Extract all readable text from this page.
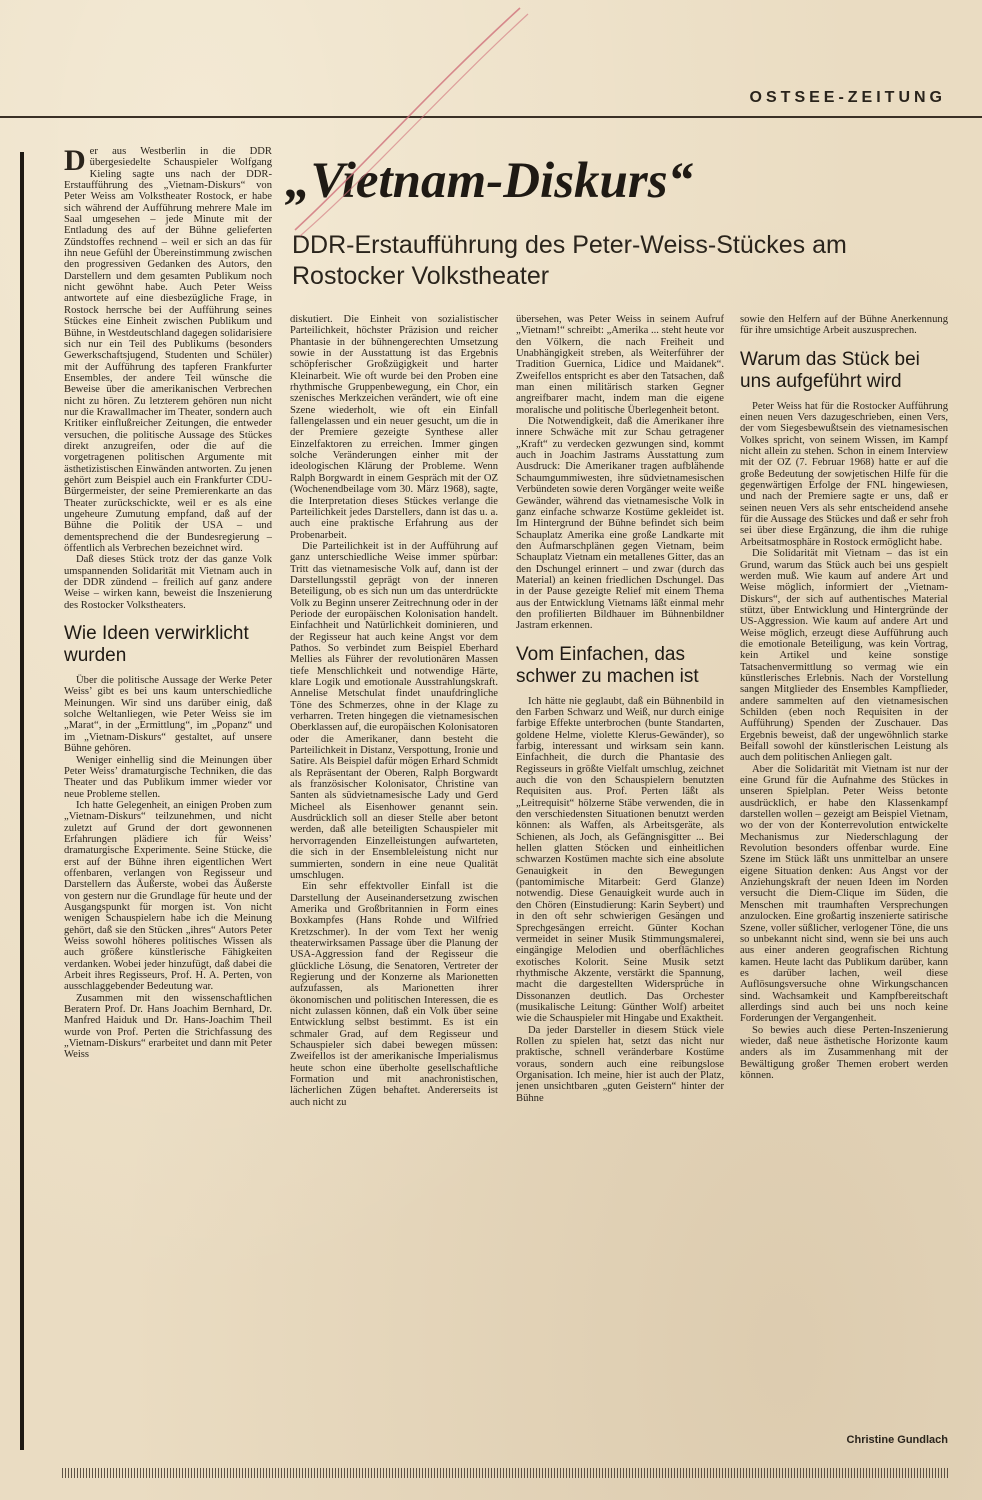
OSTSEE-ZEITUNG
„Vietnam-Diskurs“
DDR-Erstaufführung des Peter-Weiss-Stückes am Rostocker Volkstheater

Der aus Westberlin in die DDR übergesiedelte Schauspieler Wolfgang Kieling sagte uns nach der DDR-Erstaufführung des „Vietnam-Diskurs“ von Peter Weiss am Volkstheater Rostock, er habe sich während der Aufführung mehrere Male im Saal umgesehen – jede Minute mit der Entladung des auf der Bühne gelieferten Zündstoffes rechnend – weil er sich an das für ihn neue Gefühl der Übereinstimmung zwischen den progressiven Gedanken des Autors, den Darstellern und dem gesamten Publikum noch nicht gewöhnt habe. Auch Peter Weiss antwortete auf eine diesbezügliche Frage, in Rostock herrsche bei der Aufführung seines Stückes eine Einheit zwischen Publikum und Bühne, in Westdeutschland dagegen solidarisiere sich nur ein Teil des Publikums (besonders Gewerkschaftsjugend, Studenten und Schüler) mit der Aufführung des tapferen Frankfurter Ensembles, der andere Teil wünsche die Beweise über die amerikanischen Verbrechen nicht zu hören. Zu letzterem gehören nun nicht nur die Krawallmacher im Theater, sondern auch Kritiker einflußreicher Zeitungen, die entweder versuchen, die politische Aussage des Stückes direkt anzugreifen, oder die auf die vorgetragenen politischen Argumente mit ästhetizistischen Einwänden antworten. Zu jenen gehört zum Beispiel auch ein Frankfurter CDU-Bürgermeister, der seine Premierenkarte an das Theater zurückschickte, weil er es als eine ungeheure Zumutung empfand, daß auf der Bühne die Politik der USA – und dementsprechend die der Bundesregierung – öffentlich als Verbrechen bezeichnet wird.

Daß dieses Stück trotz der das ganze Volk umspannenden Solidarität mit Vietnam auch in der DDR zündend – freilich auf ganz andere Weise – wirken kann, beweist die Inszenierung des Rostocker Volkstheaters.

Wie Ideen verwirklicht wurden

Über die politische Aussage der Werke Peter Weiss’ gibt es bei uns kaum unterschiedliche Meinungen. Wir sind uns darüber einig, daß solche Weltanliegen, wie Peter Weiss sie im „Marat“, in der „Ermittlung“, im „Popanz“ und im „Vietnam-Diskurs“ gestaltet, auf unsere Bühne gehören.

Weniger einhellig sind die Meinungen über Peter Weiss’ dramaturgische Techniken, die das Theater und das Publikum immer wieder vor neue Probleme stellen.

Ich hatte Gelegenheit, an einigen Proben zum „Vietnam-Diskurs“ teilzunehmen, und nicht zuletzt auf Grund der dort gewonnenen Erfahrungen plädiere ich für Weiss’ dramaturgische Experimente. Seine Stücke, die erst auf der Bühne ihren eigentlichen Wert offenbaren, verlangen von Regisseur und Darstellern das Äußerste, wobei das Äußerste von gestern nur die Grundlage für heute und der Ausgangspunkt für morgen ist. Von nicht wenigen Schauspielern habe ich die Meinung gehört, daß sie den Stücken „ihres“ Autors Peter Weiss sowohl höheres politisches Wissen als auch größere künstlerische Fähigkeiten verdanken. Wobei jeder hinzufügt, daß dabei die Arbeit ihres Regisseurs, Prof. H. A. Perten, von ausschlaggebender Bedeutung war.

Zusammen mit den wissenschaftlichen Beratern Prof. Dr. Hans Joachim Bernhard, Dr. Manfred Haiduk und Dr. Hans-Joachim Theil wurde von Prof. Perten die Strichfassung des „Vietnam-Diskurs“ erarbeitet und dann mit Peter Weiss

diskutiert. Die Einheit von sozialistischer Parteilichkeit, höchster Präzision und reicher Phantasie in der bühnengerechten Umsetzung sowie in der Ausstattung ist das Ergebnis schöpferischer Großzügigkeit und harter Kleinarbeit. Wie oft wurde bei den Proben eine rhythmische Gruppenbewegung, ein Chor, ein szenisches Merkzeichen verändert, wie oft eine Szene wiederholt, wie oft ein Einfall fallengelassen und ein neuer gesucht, um die in der Premiere gezeigte Synthese aller Einzelfaktoren zu erreichen. Immer gingen solche Veränderungen einher mit der ideologischen Klärung der Probleme. Wenn Ralph Borgwardt in einem Gespräch mit der OZ (Wochenendbeilage vom 30. März 1968), sagte, die Interpretation dieses Stückes verlange die Parteilichkeit jedes Darstellers, dann ist das u. a. auch eine praktische Erfahrung aus der Probenarbeit.

Die Parteilichkeit ist in der Aufführung auf ganz unterschiedliche Weise immer spürbar: Tritt das vietnamesische Volk auf, dann ist der Darstellungsstil geprägt von der inneren Beteiligung, ob es sich nun um das unterdrückte Volk zu Beginn unserer Zeitrechnung oder in der Periode der europäischen Kolonisation handelt. Einfachheit und Natürlichkeit dominieren, und der Regisseur hat auch keine Angst vor dem Pathos. So verbindet zum Beispiel Eberhard Mellies als Führer der revolutionären Massen tiefe Menschlichkeit und notwendige Härte, klare Logik und emotionale Ausstrahlungskraft. Annelise Metschulat findet unaufdringliche Töne des Schmerzes, ohne in der Klage zu verharren. Treten hingegen die vietnamesischen Oberklassen auf, die europäischen Kolonisatoren oder die Amerikaner, dann besteht die Parteilichkeit in Distanz, Verspottung, Ironie und Satire. Als Beispiel dafür mögen Erhard Schmidt als Repräsentant der Oberen, Ralph Borgwardt als französischer Kolonisator, Christine van Santen als südvietnamesische Lady und Gerd Micheel als Eisenhower genannt sein. Ausdrücklich soll an dieser Stelle aber betont werden, daß alle beteiligten Schauspieler mit hervorragenden Einzelleistungen aufwarteten, die sich in der Ensembleleistung nicht nur summierten, sondern in eine neue Qualität umschlugen.

Ein sehr effektvoller Einfall ist die Darstellung der Auseinandersetzung zwischen Amerika und Großbritannien in Form eines Boxkampfes (Hans Rohde und Wilfried Kretzschmer). In der vom Text her wenig theaterwirksamen Passage über die Planung der USA-Aggression fand der Regisseur die glückliche Lösung, die Senatoren, Vertreter der Regierung und der Konzerne als Marionetten aufzufassen, als Marionetten ihrer ökonomischen und politischen Interessen, die es nicht zulassen können, daß ein Volk über seine Entwicklung selbst bestimmt. Es ist ein schmaler Grad, auf dem Regisseur und Schauspieler sich dabei bewegen müssen: Zweifellos ist der amerikanische Imperialismus heute schon eine überholte gesellschaftliche Formation und mit anachronistischen, lächerlichen Zügen behaftet. Andererseits ist auch nicht zu

übersehen, was Peter Weiss in seinem Aufruf „Vietnam!“ schreibt: „Amerika ... steht heute vor den Völkern, die nach Freiheit und Unabhängigkeit streben, als Weiterführer der Tradition Guernica, Lidice und Maidanek“. Zweifellos entspricht es aber den Tatsachen, daß man einen militärisch starken Gegner angreifbarer macht, indem man die eigene moralische und politische Überlegenheit betont.

Die Notwendigkeit, daß die Amerikaner ihre innere Schwäche mit zur Schau getragener „Kraft“ zu verdecken gezwungen sind, kommt auch in Joachim Jastrams Ausstattung zum Ausdruck: Die Amerikaner tragen aufblähende Schaumgummiwesten, ihre südvietnamesischen Verbündeten sowie deren Vorgänger weite weiße Gewänder, während das vietnamesische Volk in ganz einfache schwarze Kostüme gekleidet ist. Im Hintergrund der Bühne befindet sich beim Schauplatz Amerika eine große Landkarte mit den Aufmarschplänen gegen Vietnam, beim Schauplatz Vietnam ein metallenes Gitter, das an den Dschungel erinnert – und zwar (durch das Material) an keinen friedlichen Dschungel. Das in der Pause gezeigte Relief mit einem Thema aus der Entwicklung Vietnams läßt einmal mehr den profilierten Bildhauer im Bühnenbildner Jastram erkennen.

Vom Einfachen, das schwer zu machen ist

Ich hätte nie geglaubt, daß ein Bühnenbild in den Farben Schwarz und Weiß, nur durch einige farbige Effekte unterbrochen (bunte Standarten, goldene Helme, violette Klerus-Gewänder), so farbig, interessant und wirksam sein kann. Einfachheit, die durch die Phantasie des Regisseurs in größte Vielfalt umschlug, zeichnet auch die von den Schauspielern benutzten Requisiten aus. Prof. Perten läßt als „Leitrequisit“ hölzerne Stäbe verwenden, die in den verschiedensten Situationen benutzt werden können: als Waffen, als Arbeitsgeräte, als Schienen, als Joch, als Gefängnisgitter ... Bei hellen glatten Stöcken und einheitlichen schwarzen Kostümen machte sich eine absolute Genauigkeit in den Bewegungen (pantomimische Mitarbeit: Gerd Glanze) notwendig. Diese Genauigkeit wurde auch in den Chören (Einstudierung: Karin Seybert) und in den oft sehr schwierigen Gesängen und Sprechgesängen erreicht. Günter Kochan vermeidet in seiner Musik Stimmungsmalerei, eingängige Melodien und oberflächliches exotisches Kolorit. Seine Musik setzt rhythmische Akzente, verstärkt die Spannung, macht die dargestellten Widersprüche in Dissonanzen deutlich. Das Orchester (musikalische Leitung: Günther Wolf) arbeitet wie die Schauspieler mit Hingabe und Exaktheit.

Da jeder Darsteller in diesem Stück viele Rollen zu spielen hat, setzt das nicht nur praktische, schnell veränderbare Kostüme voraus, sondern auch eine reibungslose Organisation. Ich meine, hier ist auch der Platz, jenen unsichtbaren „guten Geistern“ hinter der Bühne

sowie den Helfern auf der Bühne Anerkennung für ihre umsichtige Arbeit auszusprechen.

Warum das Stück bei uns aufgeführt wird

Peter Weiss hat für die Rostocker Aufführung einen neuen Vers dazugeschrieben, einen Vers, der vom Siegesbewußtsein des vietnamesischen Volkes spricht, von seinem Wissen, im Kampf nicht allein zu stehen. Schon in einem Interview mit der OZ (7. Februar 1968) hatte er auf die große Bedeutung der sowjetischen Hilfe für die gegenwärtigen Erfolge der FNL hingewiesen, und nach der Premiere sagte er uns, daß er seinen neuen Vers als sehr entscheidend ansehe für die Aussage des Stückes und daß er sehr froh sei über diese Ergänzung, die ihm die ruhige Arbeitsatmosphäre in Rostock ermöglicht habe.

Die Solidarität mit Vietnam – das ist ein Grund, warum das Stück auch bei uns gespielt werden muß. Wie kaum auf andere Art und Weise möglich, informiert der „Vietnam-Diskurs“, der sich auf authentisches Material stützt, über Entwicklung und Hintergründe der US-Aggression. Wie kaum auf andere Art und Weise möglich, erzeugt diese Aufführung auch die emotionale Beteiligung, was kein Vortrag, kein Artikel und keine sonstige Tatsachenvermittlung so vermag wie ein künstlerisches Erlebnis. Nach der Vorstellung sangen Mitglieder des Ensembles Kampflieder, andere sammelten auf den vietnamesischen Schilden (eben noch Requisiten in der Aufführung) Spenden der Zuschauer. Das Ergebnis beweist, daß der ungewöhnlich starke Beifall sowohl der künstlerischen Leistung als auch dem politischen Anliegen galt.

Aber die Solidarität mit Vietnam ist nur der eine Grund für die Aufnahme des Stückes in unseren Spielplan. Peter Weiss betonte ausdrücklich, er habe den Klassenkampf darstellen wollen – gezeigt am Beispiel Vietnam, wo der von der Konterrevolution entwickelte Mechanismus zur Niederschlagung der Revolution besonders offenbar wurde. Eine Szene im Stück läßt uns unmittelbar an unsere eigene Situation denken: Aus Angst vor der Anziehungskraft der neuen Ideen im Norden versucht die Diem-Clique im Süden, die Menschen mit traumhaften Versprechungen anzulocken. Eine großartig inszenierte satirische Szene, voller süßlicher, verlogener Töne, die uns so unbekannt nicht sind, wenn sie bei uns auch aus einer anderen geografischen Richtung kamen. Heute lacht das Publikum darüber, kann es darüber lachen, weil diese Auflösungsversuche ohne Wirkungschancen sind. Wachsamkeit und Kampfbereitschaft allerdings sind auch bei uns noch keine Forderungen der Vergangenheit.

So bewies auch diese Perten-Inszenierung wieder, daß neue ästhetische Horizonte kaum anders als im Zusammenhang mit der Bewältigung großer Themen erobert werden können.

Christine Gundlach
